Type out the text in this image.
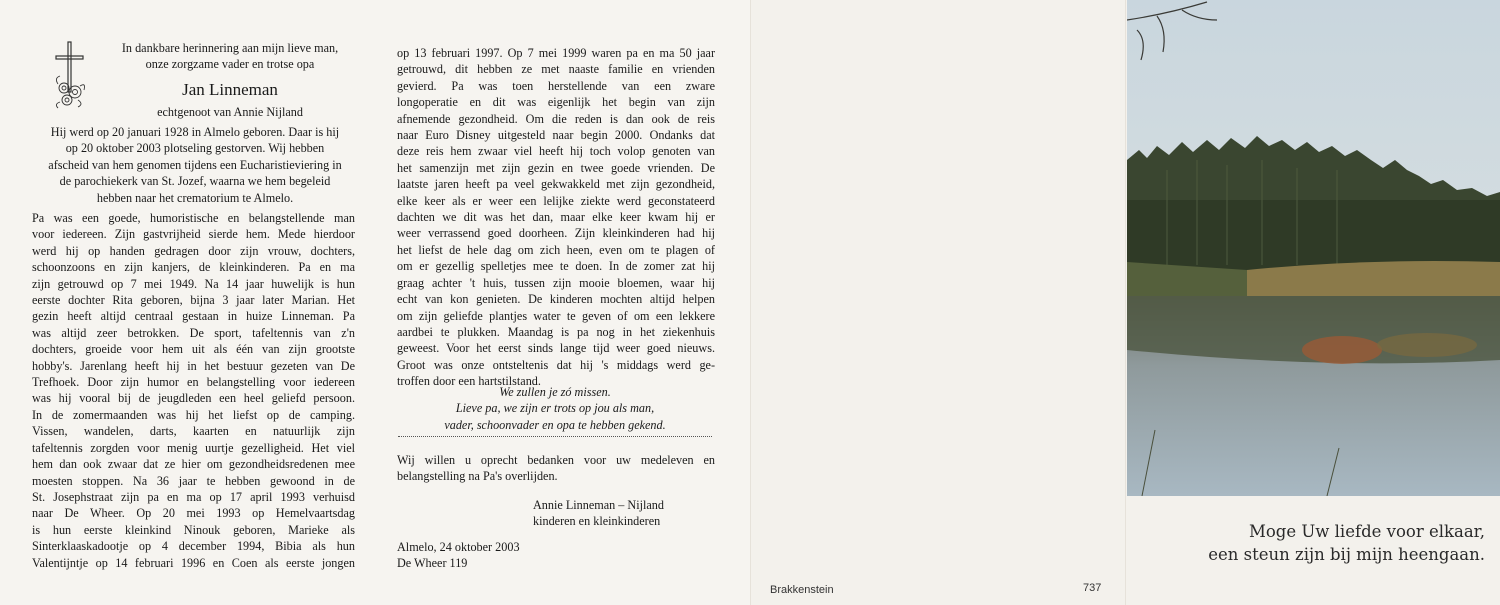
In dankbare herinnering aan mijn lieve man,
onze zorgzame vader en trotse opa
Jan Linneman
echtgenoot van Annie Nijland
Hij werd op 20 januari 1928 in Almelo geboren. Daar is hij
op 20 oktober 2003 plotseling gestorven. Wij hebben
afscheid van hem genomen tijdens een Eucharistieviering in
de parochiekerk van St. Jozef, waarna we hem begeleid
hebben naar het crematorium te Almelo.
Pa was een goede, humoristische en belangstellende man
voor iedereen. Zijn gastvrijheid sierde hem. Mede hierdoor
werd hij op handen gedragen door zijn vrouw, dochters,
schoonzoons en zijn kanjers, de kleinkinderen. Pa en ma
zijn getrouwd op 7 mei 1949. Na 14 jaar huwelijk is hun
eerste dochter Rita geboren, bijna 3 jaar later Marian. Het
gezin heeft altijd centraal gestaan in huize Linneman. Pa
was altijd zeer betrokken. De sport, tafeltennis van z'n
dochters, groeide voor hem uit als één van zijn grootste
hobby's. Jarenlang heeft hij in het bestuur gezeten van De
Trefhoek. Door zijn humor en belangstelling voor iedereen
was hij vooral bij de jeugdleden een heel geliefd persoon.
In de zomermaanden was hij het liefst op de camping.
Vissen, wandelen, darts, kaarten en natuurlijk zijn
tafeltennis zorgden voor menig uurtje gezelligheid. Het viel
hem dan ook zwaar dat ze hier om gezondheidsredenen mee
moesten stoppen. Na 36 jaar te hebben gewoond in de
St. Josephstraat zijn pa en ma op 17 april 1993 verhuisd
naar De Wheer. Op 20 mei 1993 op Hemelvaartsdag
is hun eerste kleinkind Ninouk geboren, Marieke als
Sinterklaaskadootje op 4 december 1994, Bibia als hun
Valentijntje op 14 februari 1996 en Coen als eerste jongen
op 13 februari 1997. Op 7 mei 1999 waren pa en ma 50 jaar
getrouwd, dit hebben ze met naaste familie en vrienden
gevierd. Pa was toen herstellende van een zware
longoperatie en dit was eigenlijk het begin van zijn
afnemende gezondheid. Om die reden is dan ook de reis
naar Euro Disney uitgesteld naar begin 2000. Ondanks dat
deze reis hem zwaar viel heeft hij toch volop genoten van
het samenzijn met zijn gezin en twee goede vrienden. De
laatste jaren heeft pa veel gekwakkeld met zijn gezondheid,
elke keer als er weer een lelijke ziekte werd geconstateerd
dachten we dit was het dan, maar elke keer kwam hij er
weer verrassend goed doorheen. Zijn kleinkinderen had hij
het liefst de hele dag om zich heen, even om te plagen of
om er gezellig spelletjes mee te doen. In de zomer zat hij
graag achter 't huis, tussen zijn mooie bloemen, waar hij
echt van kon genieten. De kinderen mochten altijd helpen
om zijn geliefde plantjes water te geven of om een lekkere
aardbei te plukken. Maandag is pa nog in het ziekenhuis
geweest. Voor het eerst sinds lange tijd weer goed nieuws.
Groot was onze ontsteltenis dat hij 's middags werd ge-
troffen door een hartstilstand.
We zullen je zó missen.
Lieve pa, we zijn er trots op jou als man,
vader, schoonvader en opa te hebben gekend.
Wij willen u oprecht bedanken voor uw medeleven en
belangstelling na Pa's overlijden.
Annie Linneman – Nijland
kinderen en kleinkinderen
Almelo, 24 oktober 2003
De Wheer 119
Brakkenstein	737
Moge Uw liefde voor elkaar,
een steun zijn bij mijn heengaan.
